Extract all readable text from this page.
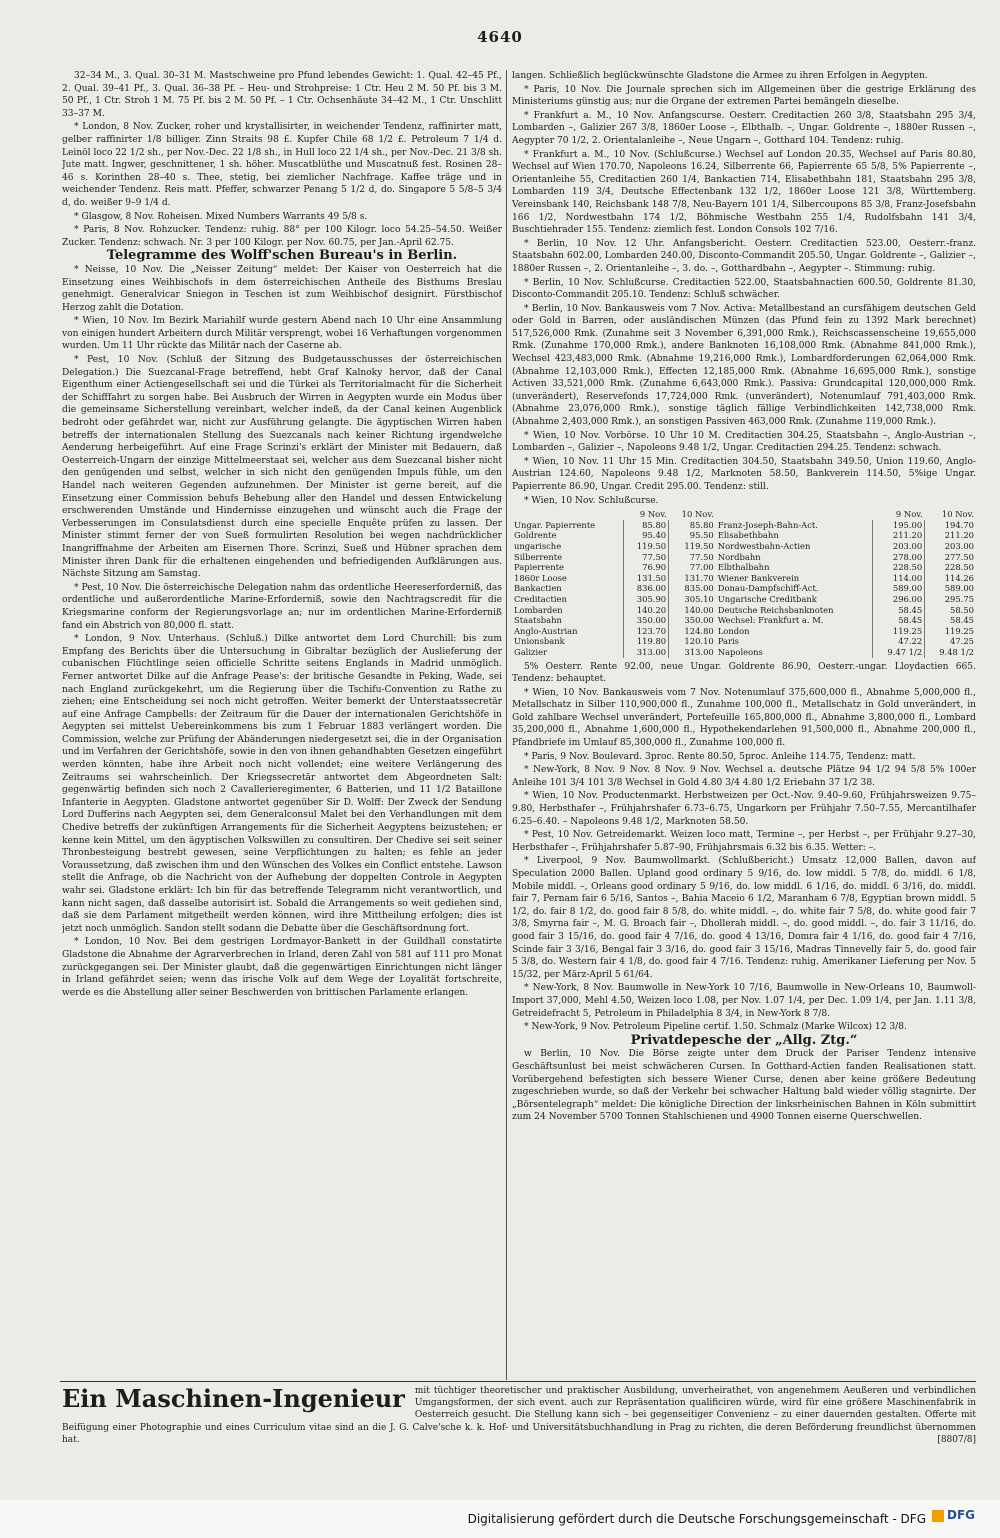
4640

32–34 M., 3. Qual. 30–31 M. Mastschweine pro Pfund lebendes Gewicht: 1. Qual. 42–45 Pf., 2. Qual. 39–41 Pf., 3. Qual. 36–38 Pf. – Heu- und Strohpreise: 1 Ctr. Heu 2 M. 50 Pf. bis 3 M. 50 Pf., 1 Ctr. Stroh 1 M. 75 Pf. bis 2 M. 50 Pf. – 1 Ctr. Ochsenhäute 34–42 M., 1 Ctr. Unschlitt 33–37 M.

* London, 8 Nov. Zucker, roher und krystallisirter, in weichender Tendenz, raffinirter matt, gelber raffinirter 1/8 billiger. Zinn Straits 98 £. Kupfer Chile 68 1/2 £. Petroleum 7 1/4 d. Leinöl loco 22 1/2 sh., per Nov.-Dec. 22 1/8 sh., in Hull loco 22 1/4 sh., per Nov.-Dec. 21 3/8 sh. Jute matt. Ingwer, geschnittener, 1 sh. höher. Muscatblüthe und Muscatnuß fest. Rosinen 28–46 s. Korinthen 28–40 s. Thee, stetig, bei ziemlicher Nachfrage. Kaffee träge und in weichender Tendenz. Reis matt. Pfeffer, schwarzer Penang 5 1/2 d, do. Singapore 5 5/8–5 3/4 d, do. weißer 9–9 1/4 d.

* Glasgow, 8 Nov. Roheisen. Mixed Numbers Warrants 49 5/8 s.

* Paris, 8 Nov. Rohzucker. Tendenz: ruhig. 88° per 100 Kilogr. loco 54.25–54.50. Weißer Zucker. Tendenz: schwach. Nr. 3 per 100 Kilogr. per Nov. 60.75, per Jan.-April 62.75.

Telegramme des Wolff'schen Bureau's in Berlin.

* Neisse, 10 Nov. Die „Neisser Zeitung“ meldet: Der Kaiser von Oesterreich hat die Einsetzung eines Weihbischofs in dem österreichischen Antheile des Bisthums Breslau genehmigt. Generalvicar Sniegon in Teschen ist zum Weihbischof designirt. Fürstbischof Herzog zahlt die Dotation.

* Wien, 10 Nov. Im Bezirk Mariahilf wurde gestern Abend nach 10 Uhr eine Ansammlung von einigen hundert Arbeitern durch Militär versprengt, wobei 16 Verhaftungen vorgenommen wurden. Um 11 Uhr rückte das Militär nach der Caserne ab.

* Pest, 10 Nov. (Schluß der Sitzung des Budgetausschusses der österreichischen Delegation.) Die Suezcanal-Frage betreffend, hebt Graf Kalnoky hervor, daß der Canal Eigenthum einer Actiengesellschaft sei und die Türkei als Territorialmacht für die Sicherheit der Schifffahrt zu sorgen habe. Bei Ausbruch der Wirren in Aegypten wurde ein Modus über die gemeinsame Sicherstellung vereinbart, welcher indeß, da der Canal keinen Augenblick bedroht oder gefährdet war, nicht zur Ausführung gelangte. Die ägyptischen Wirren haben betreffs der internationalen Stellung des Suezcanals nach keiner Richtung irgendwelche Aenderung herbeigeführt. Auf eine Frage Scrinzi's erklärt der Minister mit Bedauern, daß Oesterreich-Ungarn der einzige Mittelmeerstaat sei, welcher aus dem Suezcanal bisher nicht den genügenden und selbst, welcher in sich nicht den genügenden Impuls fühle, um den Handel nach weiteren Gegenden aufzunehmen. Der Minister ist gerne bereit, auf die Einsetzung einer Commission behufs Behebung aller den Handel und dessen Entwickelung erschwerenden Umstände und Hindernisse einzugehen und wünscht auch die Frage der Verbesserungen im Consulatsdienst durch eine specielle Enquête prüfen zu lassen. Der Minister stimmt ferner der von Sueß formulirten Resolution bei wegen nachdrücklicher Inangriffnahme der Arbeiten am Eisernen Thore. Scrinzi, Sueß und Hübner sprachen dem Minister ihren Dank für die erhaltenen eingehenden und befriedigenden Aufklärungen aus. Nächste Sitzung am Samstag.

* Pest, 10 Nov. Die österreichische Delegation nahm das ordentliche Heereserforderniß, das ordentliche und außerordentliche Marine-Erforderniß, sowie den Nachtragscredit für die Kriegsmarine conform der Regierungsvorlage an; nur im ordentlichen Marine-Erforderniß fand ein Abstrich von 80,000 fl. statt.

* London, 9 Nov. Unterhaus. (Schluß.) Dilke antwortet dem Lord Churchill: bis zum Empfang des Berichts über die Untersuchung in Gibraltar bezüglich der Auslieferung der cubanischen Flüchtlinge seien officielle Schritte seitens Englands in Madrid unmöglich. Ferner antwortet Dilke auf die Anfrage Pease's: der britische Gesandte in Peking, Wade, sei nach England zurückgekehrt, um die Regierung über die Tschifu-Convention zu Rathe zu ziehen; eine Entscheidung sei noch nicht getroffen. Weiter bemerkt der Unterstaatssecretär auf eine Anfrage Campbells: der Zeitraum für die Dauer der internationalen Gerichtshöfe in Aegypten sei mittelst Uebereinkommens bis zum 1 Februar 1883 verlängert worden. Die Commission, welche zur Prüfung der Abänderungen niedergesetzt sei, die in der Organisation und im Verfahren der Gerichtshöfe, sowie in den von ihnen gehandhabten Gesetzen eingeführt werden könnten, habe ihre Arbeit noch nicht vollendet; eine weitere Verlängerung des Zeitraums sei wahrscheinlich. Der Kriegssecretär antwortet dem Abgeordneten Salt: gegenwärtig befinden sich noch 2 Cavallerieregimenter, 6 Batterien, und 11 1/2 Bataillone Infanterie in Aegypten. Gladstone antwortet gegenüber Sir D. Wolff: Der Zweck der Sendung Lord Dufferins nach Aegypten sei, dem Generalconsul Malet bei den Verhandlungen mit dem Chedive betreffs der zukünftigen Arrangements für die Sicherheit Aegyptens beizustehen; er kenne kein Mittel, um den ägyptischen Volkswillen zu consultiren. Der Chedive sei seit seiner Thronbesteigung bestrebt gewesen, seine Verpflichtungen zu halten; es fehle an jeder Voraussetzung, daß zwischen ihm und den Wünschen des Volkes ein Conflict entstehe. Lawson stellt die Anfrage, ob die Nachricht von der Aufhebung der doppelten Controle in Aegypten wahr sei. Gladstone erklärt: Ich bin für das betreffende Telegramm nicht verantwortlich, und kann nicht sagen, daß dasselbe autorisirt ist. Sobald die Arrangements so weit gediehen sind, daß sie dem Parlament mitgetheilt werden können, wird ihre Mittheilung erfolgen; dies ist jetzt noch unmöglich. Sandon stellt sodann die Debatte über die Geschäftsordnung fort.

* London, 10 Nov. Bei dem gestrigen Lordmayor-Bankett in der Guildhall constatirte Gladstone die Abnahme der Agrarverbrechen in Irland, deren Zahl von 581 auf 111 pro Monat zurückgegangen sei. Der Minister glaubt, daß die gegenwärtigen Einrichtungen nicht länger in Irland gefährdet seien; wenn das irische Volk auf dem Wege der Loyalität fortschreite, werde es die Abstellung aller seiner Beschwerden von brittischen Parlamente erlangen.

langen. Schließlich beglückwünschte Gladstone die Armee zu ihren Erfolgen in Aegypten.

* Paris, 10 Nov. Die Journale sprechen sich im Allgemeinen über die gestrige Erklärung des Ministeriums günstig aus; nur die Organe der extremen Partei bemängeln dieselbe.

* Frankfurt a. M., 10 Nov. Anfangscurse. Oesterr. Creditactien 260 3/8, Staatsbahn 295 3/4, Lombarden –, Galizier 267 3/8, 1860er Loose –, Elbthalb. –, Ungar. Goldrente –, 1880er Russen –, Aegypter 70 1/2, 2. Orientalanleihe –, Neue Ungarn –, Gotthard 104. Tendenz: ruhig.

* Frankfurt a. M., 10 Nov. (Schlußcurse.) Wechsel auf London 20.35, Wechsel auf Paris 80.80, Wechsel auf Wien 170.70, Napoleons 16.24, Silberrente 66, Papierrente 65 5/8, 5% Papierrente –, Orientanleihe 55, Creditactien 260 1/4, Bankactien 714, Elisabethbahn 181, Staatsbahn 295 3/8, Lombarden 119 3/4, Deutsche Effectenbank 132 1/2, 1860er Loose 121 3/8, Württemberg. Vereinsbank 140, Reichsbank 148 7/8, Neu-Bayern 101 1/4, Silbercoupons 85 3/8, Franz-Josefsbahn 166 1/2, Nordwestbahn 174 1/2, Böhmische Westbahn 255 1/4, Rudolfsbahn 141 3/4, Buschtiehrader 155. Tendenz: ziemlich fest. London Consols 102 7/16.

* Berlin, 10 Nov. 12 Uhr. Anfangsbericht. Oesterr. Creditactien 523.00, Oesterr.-franz. Staatsbahn 602.00, Lombarden 240.00, Disconto-Commandit 205.50, Ungar. Goldrente –, Galizier –, 1880er Russen –, 2. Orientanleihe –, 3. do. –, Gotthardbahn –, Aegypter –. Stimmung: ruhig.

* Berlin, 10 Nov. Schlußcurse. Creditactien 522.00, Staatsbahnactien 600.50, Goldrente 81.30, Disconto-Commandit 205.10. Tendenz: Schluß schwächer.

* Berlin, 10 Nov. Bankausweis vom 7 Nov. Activa: Metallbestand an cursfähigem deutschen Geld oder Gold in Barren, oder ausländischen Münzen (das Pfund fein zu 1392 Mark berechnet) 517,526,000 Rmk. (Zunahme seit 3 November 6,391,000 Rmk.), Reichscassenscheine 19,655,000 Rmk. (Zunahme 170,000 Rmk.), andere Banknoten 16,108,000 Rmk. (Abnahme 841,000 Rmk.), Wechsel 423,483,000 Rmk. (Abnahme 19,216,000 Rmk.), Lombardforderungen 62,064,000 Rmk. (Abnahme 12,103,000 Rmk.), Effecten 12,185,000 Rmk. (Abnahme 16,695,000 Rmk.), sonstige Activen 33,521,000 Rmk. (Zunahme 6,643,000 Rmk.). Passiva: Grundcapital 120,000,000 Rmk. (unverändert), Reservefonds 17,724,000 Rmk. (unverändert), Notenumlauf 791,403,000 Rmk. (Abnahme 23,076,000 Rmk.), sonstige täglich fällige Verbindlichkeiten 142,738,000 Rmk. (Abnahme 2,403,000 Rmk.), an sonstigen Passiven 463,000 Rmk. (Zunahme 119,000 Rmk.).

* Wien, 10 Nov. Vorbörse. 10 Uhr 10 M. Creditactien 304.25, Staatsbahn –, Anglo-Austrian –, Lombarden –, Galizier –, Napoleons 9.48 1/2, Ungar. Creditactien 294.25. Tendenz: schwach.

* Wien, 10 Nov. 11 Uhr 15 Min. Creditactien 304.50, Staatsbahn 349.50, Union 119.60, Anglo-Austrian 124.60, Napoleons 9.48 1/2, Marknoten 58.50, Bankverein 114.50, 5%ige Ungar. Papierrente 86.90, Ungar. Credit 295.00. Tendenz: still.

* Wien, 10 Nov. Schlußcurse.

	9 Nov.	10 Nov.		9 Nov.	10 Nov.
Ungar. Papierrente	85.80	85.80	Franz-Joseph-Bahn-Act.	195.00	194.70
Goldrente	95.40	95.50	Elisabethbahn	211.20	211.20
ungarische	119.50	119.50	Nordwestbahn-Actien	203.00	203.00
Silberrente	77.50	77.50	Nordbahn	278.00	277.50
Papierrente	76.90	77.00	Elbthalbahn	228.50	228.50
1860r Loose	131.50	131.70	Wiener Bankverein	114.00	114.26
Bankactien	836.00	835.00	Donau-Dampfschiff-Act.	589.00	589.00
Creditactien	305.90	305.10	Ungarische Creditbank	296.00	295.75
Lombarden	140.20	140.00	Deutsche Reichsbanknoten	58.45	58.50
Staatsbahn	350.00	350.00	Wechsel: Frankfurt a. M.	58.45	58.45
Anglo-Austrian	123.70	124.80	London	119.25	119.25
Unionsbank	119.80	120.10	Paris	47.22	47.25
Galizier	313.00	313.00	Napoleons	9.47 1/2	9.48 1/2

5% Oesterr. Rente 92.00, neue Ungar. Goldrente 86.90, Oesterr.-ungar. Lloydactien 665. Tendenz: behauptet.

* Wien, 10 Nov. Bankausweis vom 7 Nov. Notenumlauf 375,600,000 fl., Abnahme 5,000,000 fl., Metallschatz in Silber 110,900,000 fl., Zunahme 100,000 fl., Metallschatz in Gold unverändert, in Gold zahlbare Wechsel unverändert, Portefeuille 165,800,000 fl., Abnahme 3,800,000 fl., Lombard 35,200,000 fl., Abnahme 1,600,000 fl., Hypothekendarlehen 91,500,000 fl., Abnahme 200,000 fl., Pfandbriefe im Umlauf 85,300,000 fl., Zunahme 100,000 fl.

* Paris, 9 Nov. Boulevard. 3proc. Rente 80.50, 5proc. Anleihe 114.75, Tendenz: matt.

* New-York, 8 Nov. 9 Nov. 8 Nov. 9 Nov. Wechsel a. deutsche Plätze 94 1/2 94 5/8 5% 100er Anleihe 101 3/4 101 3/8 Wechsel in Gold 4.80 3/4 4.80 1/2 Eriebahn 37 1/2 38.

* Wien, 10 Nov. Productenmarkt. Herbstweizen per Oct.-Nov. 9.40–9.60, Frühjahrsweizen 9.75–9.80, Herbsthafer –, Frühjahrshafer 6.73–6.75, Ungarkorn per Frühjahr 7.50–7.55, Mercantilhafer 6.25–6.40. – Napoleons 9.48 1/2, Marknoten 58.50.

* Pest, 10 Nov. Getreidemarkt. Weizen loco matt, Termine –, per Herbst –, per Frühjahr 9.27–30, Herbsthafer –, Frühjahrshafer 5.87–90, Frühjahrsmais 6.32 bis 6.35. Wetter: –.

* Liverpool, 9 Nov. Baumwollmarkt. (Schlußbericht.) Umsatz 12,000 Ballen, davon auf Speculation 2000 Ballen. Upland good ordinary 5 9/16, do. low middl. 5 7/8, do. middl. 6 1/8, Mobile middl. –, Orleans good ordinary 5 9/16, do. low middl. 6 1/16, do. middl. 6 3/16, do. middl. fair 7, Pernam fair 6 5/16, Santos –, Bahia Maceio 6 1/2, Maranham 6 7/8, Egyptian brown middl. 5 1/2, do. fair 8 1/2, do. good fair 8 5/8, do. white middl. –, do. white fair 7 5/8, do. white good fair 7 3/8, Smyrna fair –, M. G. Broach fair –, Dhollerah middl. –, do. good middl. –, do. fair 3 11/16, do. good fair 3 15/16, do. good fair 4 7/16, do. good 4 13/16, Domra fair 4 1/16, do. good fair 4 7/16, Scinde fair 3 3/16, Bengal fair 3 3/16, do. good fair 3 15/16, Madras Tinnevelly fair 5, do. good fair 5 3/8, do. Western fair 4 1/8, do. good fair 4 7/16. Tendenz: ruhig. Amerikaner Lieferung per Nov. 5 15/32, per März-April 5 61/64.

* New-York, 8 Nov. Baumwolle in New-York 10 7/16, Baumwolle in New-Orleans 10, Baumwoll-Import 37,000, Mehl 4.50, Weizen loco 1.08, per Nov. 1.07 1/4, per Dec. 1.09 1/4, per Jan. 1.11 3/8, Getreidefracht 5, Petroleum in Philadelphia 8 3/4, in New-York 8 7/8.

* New-York, 9 Nov. Petroleum Pipeline certif. 1.50. Schmalz (Marke Wilcox) 12 3/8.

Privatdepesche der „Allg. Ztg.“

w Berlin, 10 Nov. Die Börse zeigte unter dem Druck der Pariser Tendenz intensive Geschäftsunlust bei meist schwächeren Cursen. In Gotthard-Actien fanden Realisationen statt. Vorübergehend befestigten sich bessere Wiener Curse, denen aber keine größere Bedeutung zugeschrieben wurde, so daß der Verkehr bei schwacher Haltung bald wieder völlig stagnirte. Der „Börsentelegraph“ meldet: Die königliche Direction der linksrheinischen Bahnen in Köln submittirt zum 24 November 5700 Tonnen Stahlschienen und 4900 Tonnen eiserne Querschwellen.

Ein Maschinen-Ingenieur mit tüchtiger theoretischer und praktischer Ausbildung, unverheirathet, von angenehmem Aeußeren und verbindlichen Umgangsformen, der sich event. auch zur Repräsentation qualificiren würde, wird für eine größere Maschinenfabrik in Oesterreich gesucht. Die Stellung kann sich – bei gegenseitiger Convenienz – zu einer dauernden gestalten. Offerte mit Beifügung einer Photographie und eines Curriculum vitae sind an die J. G. Calve'sche k. k. Hof- und Universitätsbuchhandlung in Prag zu richten, die deren Beförderung freundlichst übernommen hat.	[8807/8]
Digitalisierung gefördert durch die Deutsche Forschungsgemeinschaft - DFG	DFG
